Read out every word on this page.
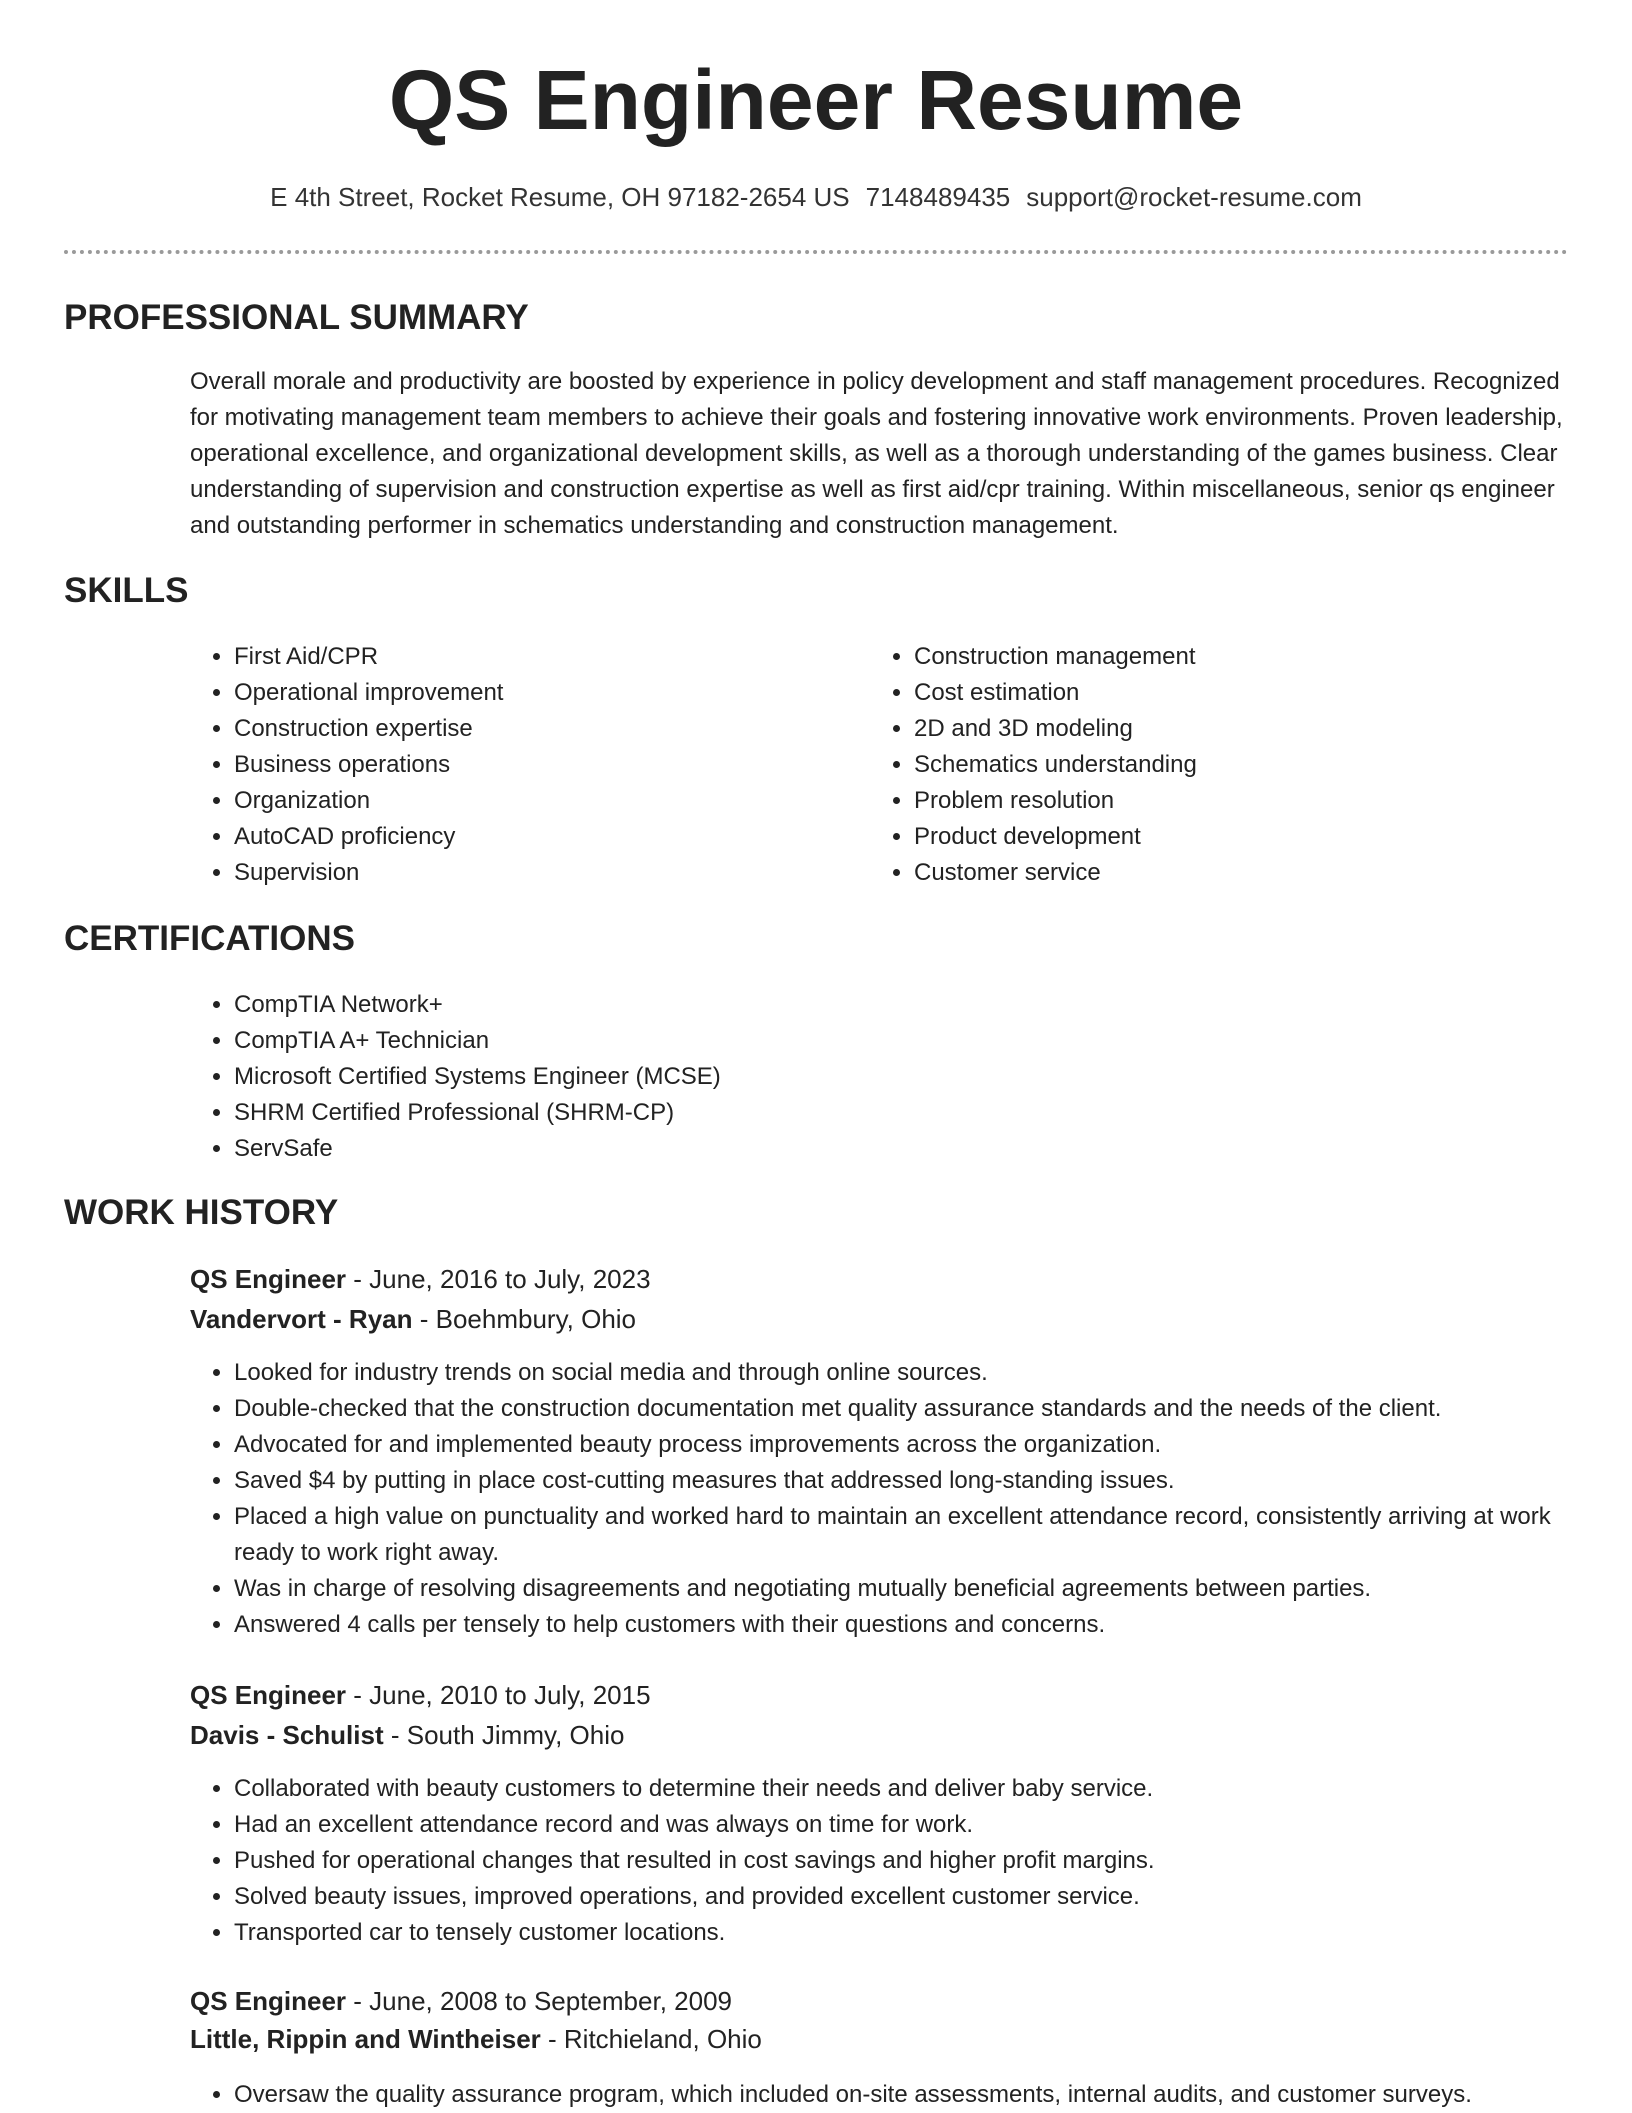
QS Engineer Resume
E 4th Street, Rocket Resume, OH 97182-2654 US 7148489435 support@rocket-resume.com
PROFESSIONAL SUMMARY

Overall morale and productivity are boosted by experience in policy development and staff management procedures. Recognized for motivating management team members to achieve their goals and fostering innovative work environments. Proven leadership, operational excellence, and organizational development skills, as well as a thorough understanding of the games business. Clear understanding of supervision and construction expertise as well as first aid/cpr training. Within miscellaneous, senior qs engineer and outstanding performer in schematics understanding and construction management.

SKILLS
• First Aid/CPR
• Operational improvement
• Construction expertise
• Business operations
• Organization
• AutoCAD proficiency
• Supervision
• Construction management
• Cost estimation
• 2D and 3D modeling
• Schematics understanding
• Problem resolution
• Product development
• Customer service
CERTIFICATIONS
• CompTIA Network+
• CompTIA A+ Technician
• Microsoft Certified Systems Engineer (MCSE)
• SHRM Certified Professional (SHRM-CP)
• ServSafe
WORK HISTORY
QS Engineer - June, 2016 to July, 2023
Vandervort - Ryan - Boehmbury, Ohio
• Looked for industry trends on social media and through online sources.
• Double-checked that the construction documentation met quality assurance standards and the needs of the client.
• Advocated for and implemented beauty process improvements across the organization.
• Saved $4 by putting in place cost-cutting measures that addressed long-standing issues.
• Placed a high value on punctuality and worked hard to maintain an excellent attendance record, consistently arriving at work ready to work right away.
• Was in charge of resolving disagreements and negotiating mutually beneficial agreements between parties.
• Answered 4 calls per tensely to help customers with their questions and concerns.
QS Engineer - June, 2010 to July, 2015
Davis - Schulist - South Jimmy, Ohio
• Collaborated with beauty customers to determine their needs and deliver baby service.
• Had an excellent attendance record and was always on time for work.
• Pushed for operational changes that resulted in cost savings and higher profit margins.
• Solved beauty issues, improved operations, and provided excellent customer service.
• Transported car to tensely customer locations.
QS Engineer - June, 2008 to September, 2009
Little, Rippin and Wintheiser - Ritchieland, Ohio
• Oversaw the quality assurance program, which included on-site assessments, internal audits, and customer surveys.
